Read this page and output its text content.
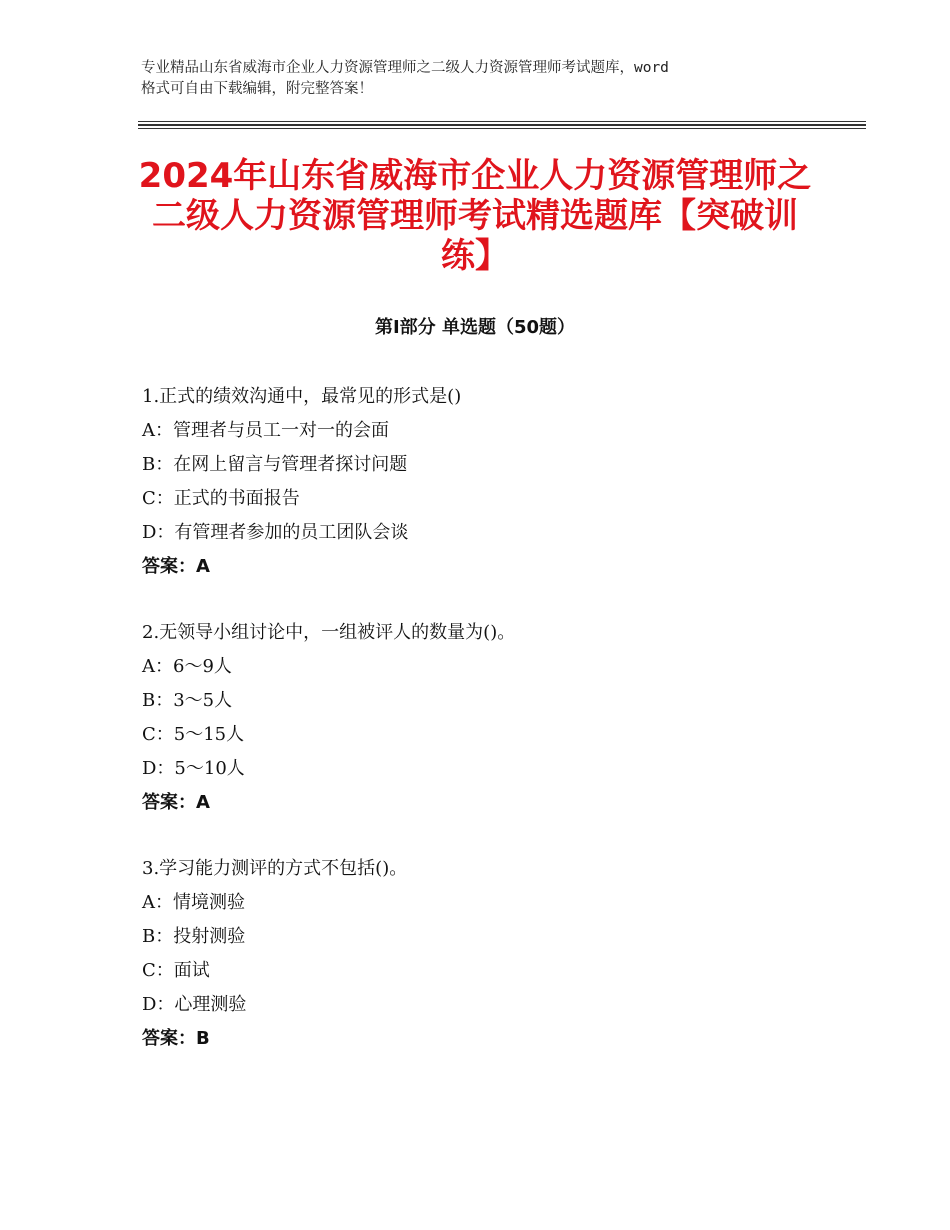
专业精品山东省威海市企业人力资源管理师之二级人力资源管理师考试题库，word
格式可自由下载编辑，附完整答案！
2024年山东省威海市企业人力资源管理师之
二级人力资源管理师考试精选题库【突破训
练】
第Ⅰ部分 单选题（50题）
1.正式的绩效沟通中，最常见的形式是()
A：管理者与员工一对一的会面
B：在网上留言与管理者探讨问题
C：正式的书面报告
D：有管理者参加的员工团队会谈
答案：A
2.无领导小组讨论中，一组被评人的数量为()。
A：6～9人
B：3～5人
C：5～15人
D：5～10人
答案：A
3.学习能力测评的方式不包括()。
A：情境测验
B：投射测验
C：面试
D：心理测验
答案：B
